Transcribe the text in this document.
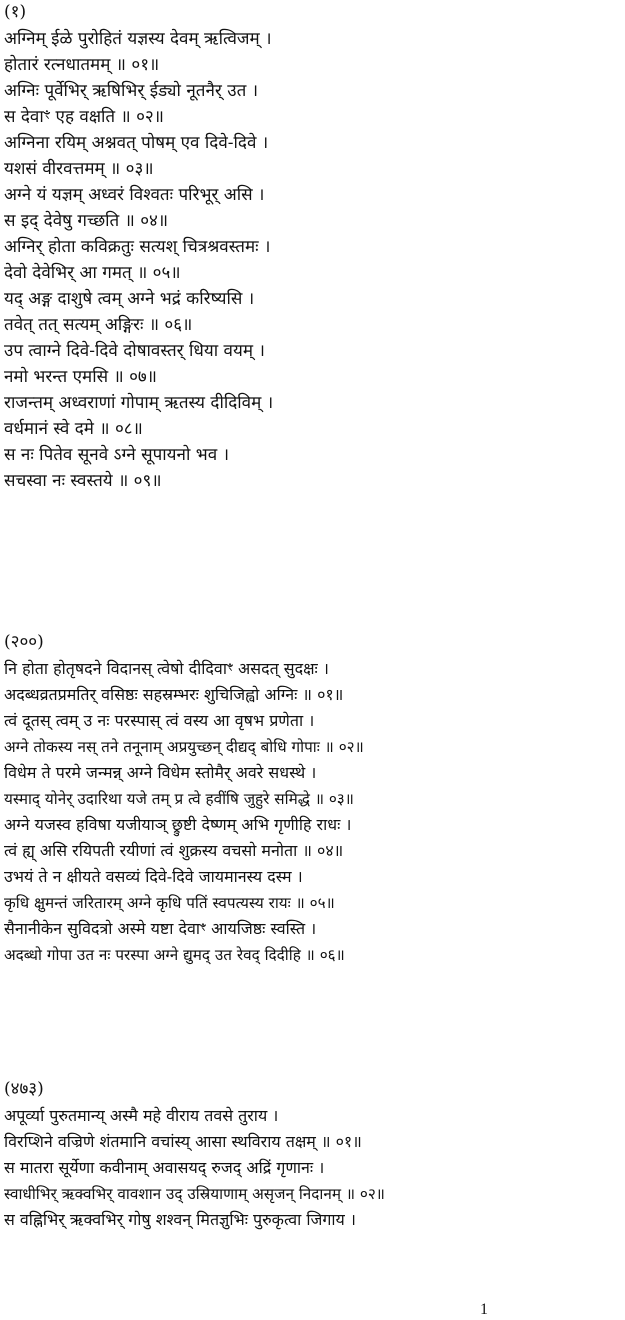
(१)
अग्निम् ईळे पुरोहितं यज्ञस्य देवम् ऋत्विजम् ।
होतारं रत्नधातमम् ॥ ०१॥
अग्निः पूर्वेभिर् ऋषिभिर् ईड्यो नूतनैर् उत ।
स देवाꣳ एह वक्षति ॥ ०२॥
अग्निना रयिम् अश्नवत् पोषम् एव दिवे-दिवे ।
यशसं वीरवत्तमम् ॥ ०३॥
अग्ने यं यज्ञम् अध्वरं विश्वतः परिभूर् असि ।
स इद् देवेषु गच्छति ॥ ०४॥
अग्निर् होता कविक्रतुः सत्यश् चित्रश्रवस्तमः ।
देवो देवेभिर् आ गमत् ॥ ०५॥
यद् अङ्ग दाशुषे त्वम् अग्ने भद्रं करिष्यसि ।
तवेत् तत् सत्यम् अङ्गिरः ॥ ०६॥
उप त्वाग्ने दिवे-दिवे दोषावस्तर् धिया वयम् ।
नमो भरन्त एमसि ॥ ०७॥
राजन्तम् अध्वराणां गोपाम् ऋतस्य दीदिविम् ।
वर्धमानं स्वे दमे ॥ ०८॥
स नः पितेव सूनवे ऽग्ने सूपायनो भव ।
सचस्वा नः स्वस्तये ॥ ०९॥
(२००)
नि होता होतृषदने विदानस् त्वेषो दीदिवाꣳ असदत् सुदक्षः ।
अदब्धव्रतप्रमतिर् वसिष्ठः सहस्रम्भरः शुचिजिह्वो अग्निः ॥ ०१॥
त्वं दूतस् त्वम् उ नः परस्पास् त्वं वस्य आ वृषभ प्रणेता ।
अग्ने तोकस्य नस् तने तनूनाम् अप्रयुच्छन् दीद्यद् बोधि गोपाः ॥ ०२॥
विधेम ते परमे जन्मन्न् अग्ने विधेम स्तोमैर् अवरे सधस्थे ।
यस्माद् योनेर् उदारिथा यजे तम् प्र त्वे हवींषि जुहुरे समिद्धे ॥ ०३॥
अग्ने यजस्व हविषा यजीयाञ् छ्रुष्टी देष्णम् अभि गृणीहि राधः ।
त्वं ह्य् असि रयिपती रयीणां त्वं शुक्रस्य वचसो मनोता ॥ ०४॥
उभयं ते न क्षीयते वसव्यं दिवे-दिवे जायमानस्य दस्म ।
कृधि क्षुमन्तं जरितारम् अग्ने कृधि पतिं स्वपत्यस्य रायः ॥ ०५॥
सैनानीकेन सुविदत्रो अस्मे यष्टा देवाꣳ आयजिष्ठः स्वस्ति ।
अदब्धो गोपा उत नः परस्पा अग्ने द्युमद् उत रेवद् दिदीहि ॥ ०६॥
(४७३)
अपूर्व्या पुरुतमान्य् अस्मै महे वीराय तवसे तुराय ।
विरप्शिने वज्रिणे शंतमानि वचांस्य् आसा स्थविराय तक्षम् ॥ ०१॥
स मातरा सूर्येणा कवीनाम् अवासयद् रुजद् अद्रिं गृणानः ।
स्वाधीभिर् ऋक्वभिर् वावशान उद् उस्रियाणाम् असृजन् निदानम् ॥ ०२॥
स वह्निभिर् ऋक्वभिर् गोषु शश्वन् मितज्ञुभिः पुरुकृत्वा जिगाय ।
1
